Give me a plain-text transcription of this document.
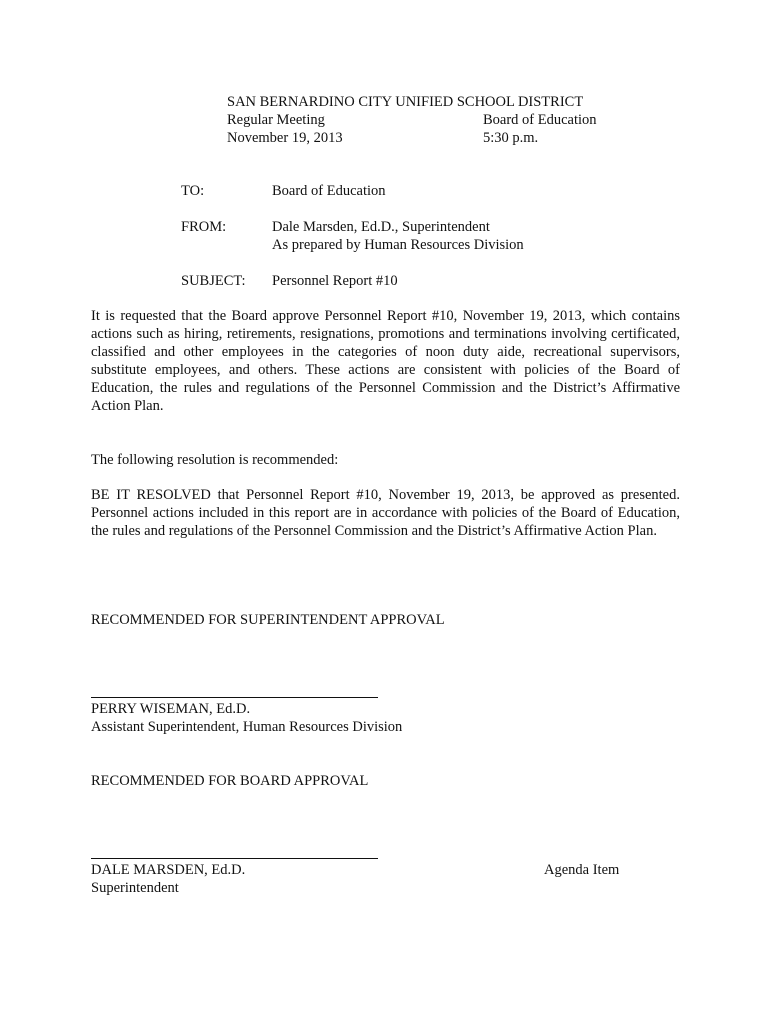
SAN BERNARDINO CITY UNIFIED SCHOOL DISTRICT
Regular Meeting	Board of Education
November 19, 2013	5:30 p.m.
TO:	Board of Education
FROM:	Dale Marsden, Ed.D., Superintendent
As prepared by Human Resources Division
SUBJECT: Personnel Report #10
It is requested that the Board approve Personnel Report #10, November 19, 2013, which contains actions such as hiring, retirements, resignations, promotions and terminations involving certificated, classified and other employees in the categories of noon duty aide, recreational supervisors, substitute employees, and others. These actions are consistent with policies of the Board of Education, the rules and regulations of the Personnel Commission and the District’s Affirmative Action Plan.
The following resolution is recommended:
BE IT RESOLVED that Personnel Report #10, November 19, 2013, be approved as presented. Personnel actions included in this report are in accordance with policies of the Board of Education, the rules and regulations of the Personnel Commission and the District’s Affirmative Action Plan.
RECOMMENDED FOR SUPERINTENDENT APPROVAL
PERRY WISEMAN, Ed.D.
Assistant Superintendent, Human Resources Division
RECOMMENDED FOR BOARD APPROVAL
DALE MARSDEN, Ed.D.
Superintendent
Agenda Item
